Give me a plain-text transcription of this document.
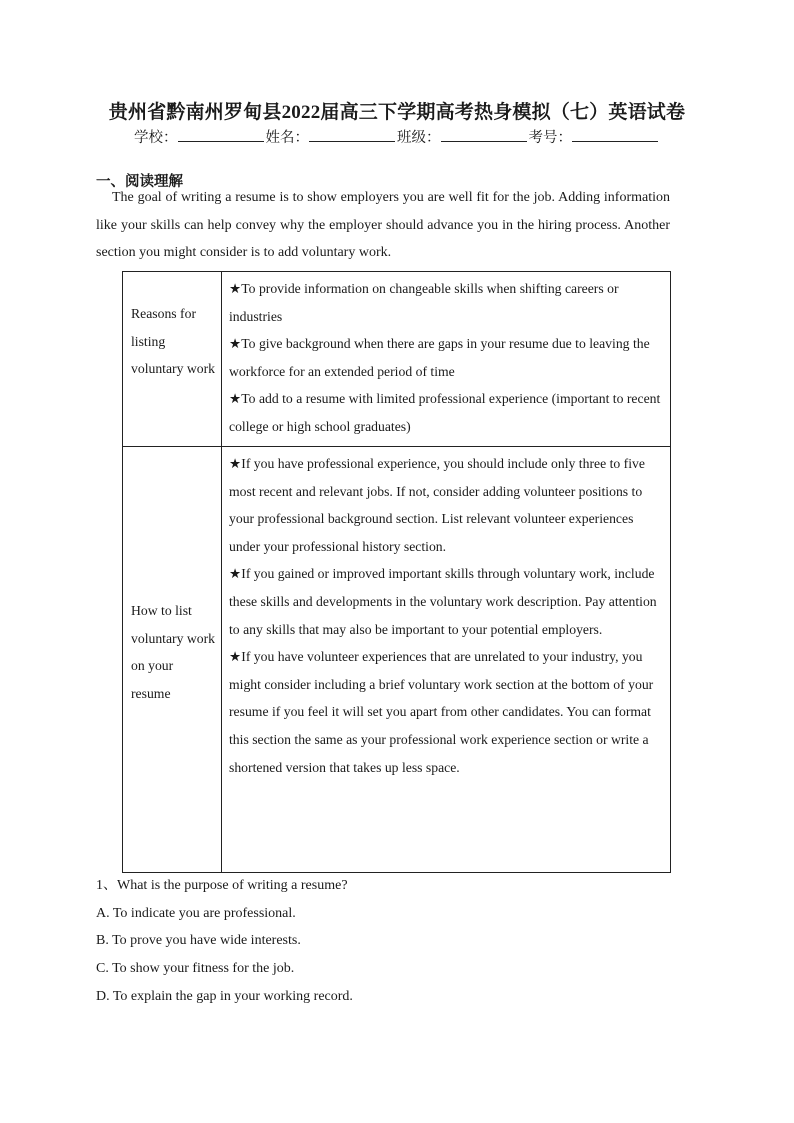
贵州省黔南州罗甸县2022届高三下学期高考热身模拟（七）英语试卷
学校：	姓名：	班级：	考号：
一、阅读理解
The goal of writing a resume is to show employers you are well fit for the job. Adding information like your skills can help convey why the employer should advance you in the hiring process. Another section you might consider is to add voluntary work.
Reasons for listing voluntary work	★To provide information on changeable skills when shifting careers or industries
★To give background when there are gaps in your resume due to leaving the workforce for an extended period of time
★To add to a resume with limited professional experience (important to recent college or high school graduates)

How to list voluntary work on your resume	★If you have professional experience, you should include only three to five most recent and relevant jobs. If not, consider adding volunteer positions to your professional background section. List relevant volunteer experiences under your professional history section.
★If you gained or improved important skills through voluntary work, include these skills and developments in the voluntary work description. Pay attention to any skills that may also be important to your potential employers.
★If you have volunteer experiences that are unrelated to your industry, you might consider including a brief voluntary work section at the bottom of your resume if you feel it will set you apart from other candidates. You can format this section the same as your professional work experience section or write a shortened version that takes up less space.
1、What is the purpose of writing a resume?
A. To indicate you are professional.
B. To prove you have wide interests.
C. To show your fitness for the job.
D. To explain the gap in your working record.
